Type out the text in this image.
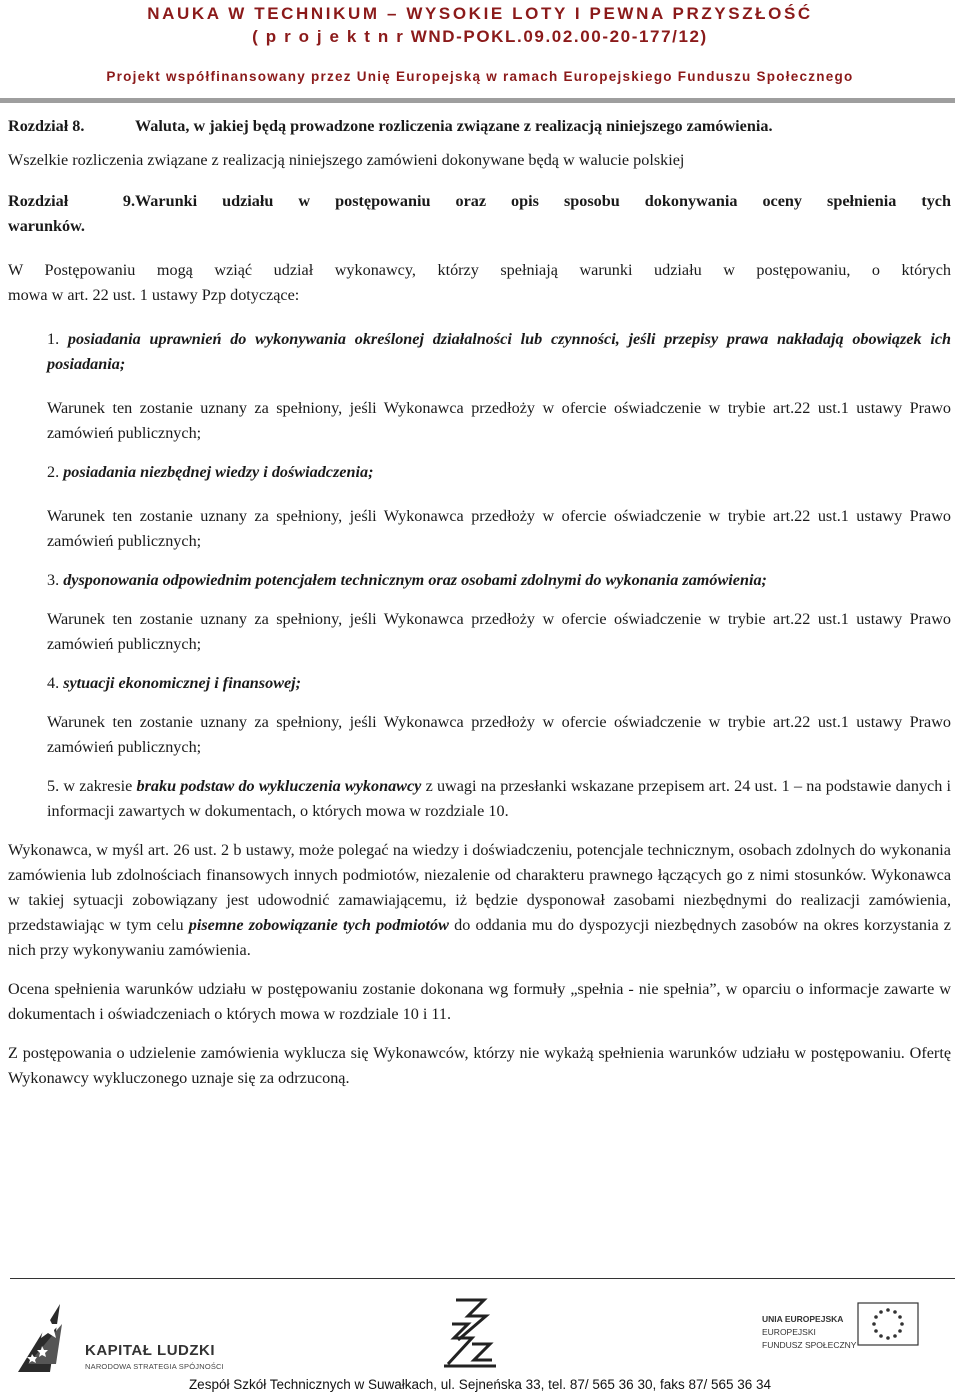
NAUKA W TECHNIKUM – WYSOKIE LOTY I PEWNA PRZYSZŁOŚĆ
( p r o j e k t n r WND-POKL.09.02.00-20-177/12)
Projekt współfinansowany przez Unię Europejską w ramach Europejskiego Funduszu Społecznego
Rozdział 8.	Waluta, w jakiej będą prowadzone rozliczenia związane z realizacją niniejszego zamówienia.

Wszelkie rozliczenia związane z realizacją niniejszego zamówieni dokonywane będą w walucie polskiej

Rozdział 9. Warunki udziału w postępowaniu oraz opis sposobu dokonywania oceny spełnienia tych
warunków.

W Postępowaniu mogą wziąć udział wykonawcy, którzy spełniają warunki udziału w postępowaniu, o których

mowa w art. 22 ust. 1 ustawy Pzp dotyczące:

1. posiadania uprawnień do wykonywania określonej działalności lub czynności, jeśli przepisy prawa nakładają obowiązek ich posiadania;

Warunek ten zostanie uznany za spełniony, jeśli Wykonawca przedłoży w ofercie oświadczenie w trybie art.22 ust.1 ustawy Prawo zamówień publicznych;

2. posiadania niezbędnej wiedzy i doświadczenia;

Warunek ten zostanie uznany za spełniony, jeśli Wykonawca przedłoży w ofercie oświadczenie w trybie art.22 ust.1 ustawy Prawo zamówień publicznych;

3. dysponowania odpowiednim potencjałem technicznym oraz osobami zdolnymi do wykonania zamówienia;

Warunek ten zostanie uznany za spełniony, jeśli Wykonawca przedłoży w ofercie oświadczenie w trybie art.22 ust.1 ustawy Prawo zamówień publicznych;

4. sytuacji ekonomicznej i finansowej;

Warunek ten zostanie uznany za spełniony, jeśli Wykonawca przedłoży w ofercie oświadczenie w trybie art.22 ust.1 ustawy Prawo zamówień publicznych;

5. w zakresie braku podstaw do wykluczenia wykonawcy z uwagi na przesłanki wskazane przepisem art. 24 ust. 1 – na podstawie danych i informacji zawartych w dokumentach, o których mowa w rozdziale 10.

Wykonawca, w myśl art. 26 ust. 2 b ustawy, może polegać na wiedzy i doświadczeniu, potencjale technicznym, osobach zdolnych do wykonania zamówienia lub zdolnościach finansowych innych podmiotów, niezalenie od charakteru prawnego łączących go z nimi stosunków. Wykonawca w takiej sytuacji zobowiązany jest udowodnić zamawiającemu, iż będzie dysponował zasobami niezbędnymi do realizacji zamówienia, przedstawiając w tym celu pisemne zobowiązanie tych podmiotów do oddania mu do dyspozycji niezbędnych zasobów na okres korzystania z nich przy wykonywaniu zamówienia.

Ocena spełnienia warunków udziału w postępowaniu zostanie dokonana wg formuły „spełnia - nie spełnia”, w oparciu o informacje zawarte w dokumentach i oświadczeniach o których mowa w rozdziale 10 i 11.

Z postępowania o udzielenie zamówienia wyklucza się Wykonawców, którzy nie wykażą spełnienia warunków udziału w postępowaniu. Ofertę Wykonawcy wykluczonego uznaje się za odrzuconą.

KAPITAŁ LUDZKI
NARODOWA STRATEGIA SPÓJNOŚCI
UNIA EUROPEJSKA
EUROPEJSKI
FUNDUSZ SPOŁECZNY
Zespół Szkół Technicznych w Suwałkach, ul. Sejneńska 33, tel. 87/ 565 36 30, faks 87/ 565 36 34
